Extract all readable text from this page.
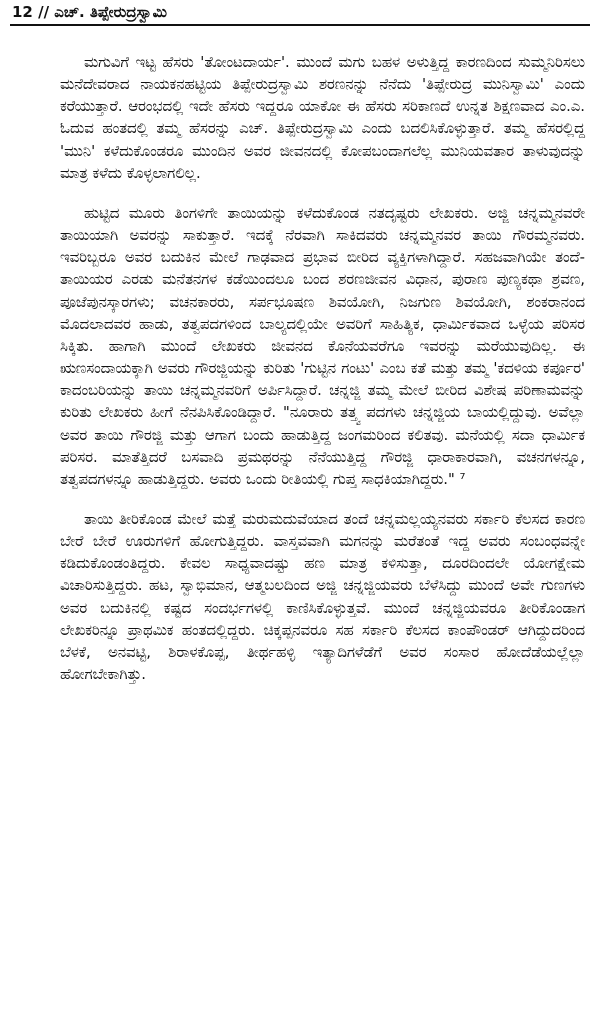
12 // ಎಚ್. ತಿಪ್ಪೇರುದ್ರಸ್ವಾಮಿ

ಮಗುವಿಗೆ ಇಟ್ಟ ಹೆಸರು 'ತೋಂಟದಾರ್ಯ'. ಮುಂದೆ ಮಗು ಬಹಳ ಅಳುತ್ತಿದ್ದ ಕಾರಣದಿಂದ ಸುಮ್ಮನಿರಿಸಲು ಮನೆದೇವರಾದ ನಾಯಕನಹಟ್ಟಿಯ ತಿಪ್ಪೇರುದ್ರಸ್ವಾಮಿ ಶರಣನನ್ನು ನೆನೆದು 'ತಿಪ್ಪೇರುದ್ರ ಮುನಿಸ್ವಾಮಿ' ಎಂದು ಕರೆಯುತ್ತಾರೆ. ಆರಂಭದಲ್ಲಿ ಇದೇ ಹೆಸರು ಇದ್ದರೂ ಯಾಕೋ ಈ ಹೆಸರು ಸರಿಕಾಣದೆ ಉನ್ನತ ಶಿಕ್ಷಣವಾದ ಎಂ.ಎ. ಓದುವ ಹಂತದಲ್ಲಿ ತಮ್ಮ ಹೆಸರನ್ನು ಎಚ್. ತಿಪ್ಪೇರುದ್ರಸ್ವಾಮಿ ಎಂದು ಬದಲಿಸಿಕೊಳ್ಳುತ್ತಾರೆ. ತಮ್ಮ ಹೆಸರಲ್ಲಿದ್ದ 'ಮುನಿ' ಕಳೆದುಕೊಂಡರೂ ಮುಂದಿನ ಅವರ ಜೀವನದಲ್ಲಿ ಕೋಪಬಂದಾಗಲೆಲ್ಲ ಮುನಿಯವತಾರ ತಾಳುವುದನ್ನು ಮಾತ್ರ ಕಳೆದು ಕೊಳ್ಳಲಾಗಲಿಲ್ಲ.

ಹುಟ್ಟಿದ ಮೂರು ತಿಂಗಳಿಗೇ ತಾಯಿಯನ್ನು ಕಳೆದುಕೊಂಡ ನತದೃಷ್ಟರು ಲೇಖಕರು. ಅಜ್ಜಿ ಚನ್ನಮ್ಮನವರೇ ತಾಯಿಯಾಗಿ ಅವರನ್ನು ಸಾಕುತ್ತಾರೆ. ಇದಕ್ಕೆ ನೆರವಾಗಿ ಸಾಕಿದವರು ಚನ್ನಮ್ಮನವರ ತಾಯಿ ಗೌರಮ್ಮನವರು. ಇವರಿಬ್ಬರೂ ಅವರ ಬದುಕಿನ ಮೇಲೆ ಗಾಢವಾದ ಪ್ರಭಾವ ಬೀರಿದ ವ್ಯಕ್ತಿಗಳಾಗಿದ್ದಾರೆ. ಸಹಜವಾಗಿಯೇ ತಂದೆ-ತಾಯಿಯರ ಎರಡು ಮನೆತನಗಳ ಕಡೆಯಿಂದಲೂ ಬಂದ ಶರಣಜೀವನ ವಿಧಾನ, ಪುರಾಣ ಪುಣ್ಯಕಥಾ ಶ್ರವಣ, ಪೂಜೆಪುನಸ್ಕಾರಗಳು; ವಚನಕಾರರು, ಸರ್ಪಭೂಷಣ ಶಿವಯೋಗಿ, ನಿಜಗುಣ ಶಿವಯೋಗಿ, ಶಂಕರಾನಂದ ಮೊದಲಾದವರ ಹಾಡು, ತತ್ವಪದಗಳಿಂದ ಬಾಲ್ಯದಲ್ಲಿಯೇ ಅವರಿಗೆ ಸಾಹಿತ್ಯಿಕ, ಧಾರ್ಮಿಕವಾದ ಒಳ್ಳೆಯ ಪರಿಸರ ಸಿಕ್ಕಿತು. ಹಾಗಾಗಿ ಮುಂದೆ ಲೇಖಕರು ಜೀವನದ ಕೊನೆಯವರೆಗೂ ಇವರನ್ನು ಮರೆಯುವುದಿಲ್ಲ. ಈ ಋಣಸಂದಾಯಕ್ಕಾಗಿ ಅವರು ಗೌರಜ್ಜಿಯನ್ನು ಕುರಿತು 'ಗುಟ್ಟಿನ ಗಂಟು' ಎಂಬ ಕತೆ ಮತ್ತು ತಮ್ಮ 'ಕದಳಿಯ ಕರ್ಪೂರ' ಕಾದಂಬರಿಯನ್ನು ತಾಯಿ ಚನ್ನಮ್ಮನವರಿಗೆ ಅರ್ಪಿಸಿದ್ದಾರೆ. ಚನ್ನಜ್ಜಿ ತಮ್ಮ ಮೇಲೆ ಬೀರಿದ ವಿಶೇಷ ಪರಿಣಾಮವನ್ನು ಕುರಿತು ಲೇಖಕರು ಹೀಗೆ ನೆನಪಿಸಿಕೊಂಡಿದ್ದಾರೆ. "ನೂರಾರು ತತ್ತ್ವ ಪದಗಳು ಚನ್ನಜ್ಜಿಯ ಬಾಯಲ್ಲಿದ್ದುವು. ಅವೆಲ್ಲಾ ಅವರ ತಾಯಿ ಗೌರಜ್ಜಿ ಮತ್ತು ಆಗಾಗ ಬಂದು ಹಾಡುತ್ತಿದ್ದ ಜಂಗಮರಿಂದ ಕಲಿತವು. ಮನೆಯಲ್ಲಿ ಸದಾ ಧಾರ್ಮಿಕ ಪರಿಸರ. ಮಾತೆತ್ತಿದರೆ ಬಸವಾದಿ ಪ್ರಮಥರನ್ನು ನೆನೆಯುತ್ತಿದ್ದ ಗೌರಜ್ಜಿ ಧಾರಾಕಾರವಾಗಿ, ವಚನಗಳನ್ನೂ, ತತ್ವಪದಗಳನ್ನೂ ಹಾಡುತ್ತಿದ್ದರು. ಅವರು ಒಂದು ರೀತಿಯಲ್ಲಿ ಗುಪ್ತ ಸಾಧಕಿಯಾಗಿದ್ದರು." ⁷

ತಾಯಿ ತೀರಿಕೊಂಡ ಮೇಲೆ ಮತ್ತೆ ಮರುಮದುವೆಯಾದ ತಂದೆ ಚನ್ನಮಲ್ಲಯ್ಯನವರು ಸರ್ಕಾರಿ ಕೆಲಸದ ಕಾರಣ ಬೇರೆ ಬೇರೆ ಊರುಗಳಿಗೆ ಹೋಗುತ್ತಿದ್ದರು. ವಾಸ್ತವವಾಗಿ ಮಗನನ್ನು ಮರೆತಂತೆ ಇದ್ದ ಅವರು ಸಂಬಂಧವನ್ನೇ ಕಡಿದುಕೊಂಡಂತಿದ್ದರು. ಕೇವಲ ಸಾಧ್ಯವಾದಷ್ಟು ಹಣ ಮಾತ್ರ ಕಳಿಸುತ್ತಾ, ದೂರದಿಂದಲೇ ಯೋಗಕ್ಷೇಮ ವಿಚಾರಿಸುತ್ತಿದ್ದರು. ಹಟ, ಸ್ವಾಭಿಮಾನ, ಆತ್ಮಬಲದಿಂದ ಅಜ್ಜಿ ಚನ್ನಜ್ಜಿಯವರು ಬೆಳೆಸಿದ್ದು ಮುಂದೆ ಅವೇ ಗುಣಗಳು ಅವರ ಬದುಕಿನಲ್ಲಿ ಕಷ್ಟದ ಸಂದರ್ಭಗಳಲ್ಲಿ ಕಾಣಿಸಿಕೊಳ್ಳುತ್ತವೆ. ಮುಂದೆ ಚನ್ನಜ್ಜಿಯವರೂ ತೀರಿಕೊಂಡಾಗ ಲೇಖಕರಿನ್ನೂ ಪ್ರಾಥಮಿಕ ಹಂತದಲ್ಲಿದ್ದರು. ಚಿಕ್ಕಪ್ಪನವರೂ ಸಹ ಸರ್ಕಾರಿ ಕೆಲಸದ ಕಾಂಪೌಂಡರ್ ಆಗಿದ್ದುದರಿಂದ ಬೆಳಕೆ, ಅನವಟ್ಟಿ, ಶಿರಾಳಕೊಪ್ಪ, ತೀರ್ಥಹಳ್ಳಿ ಇತ್ಯಾದಿಗಳೆಡೆಗೆ ಅವರ ಸಂಸಾರ ಹೋದೆಡೆಯಲ್ಲೆಲ್ಲಾ ಹೋಗಬೇಕಾಗಿತ್ತು.
